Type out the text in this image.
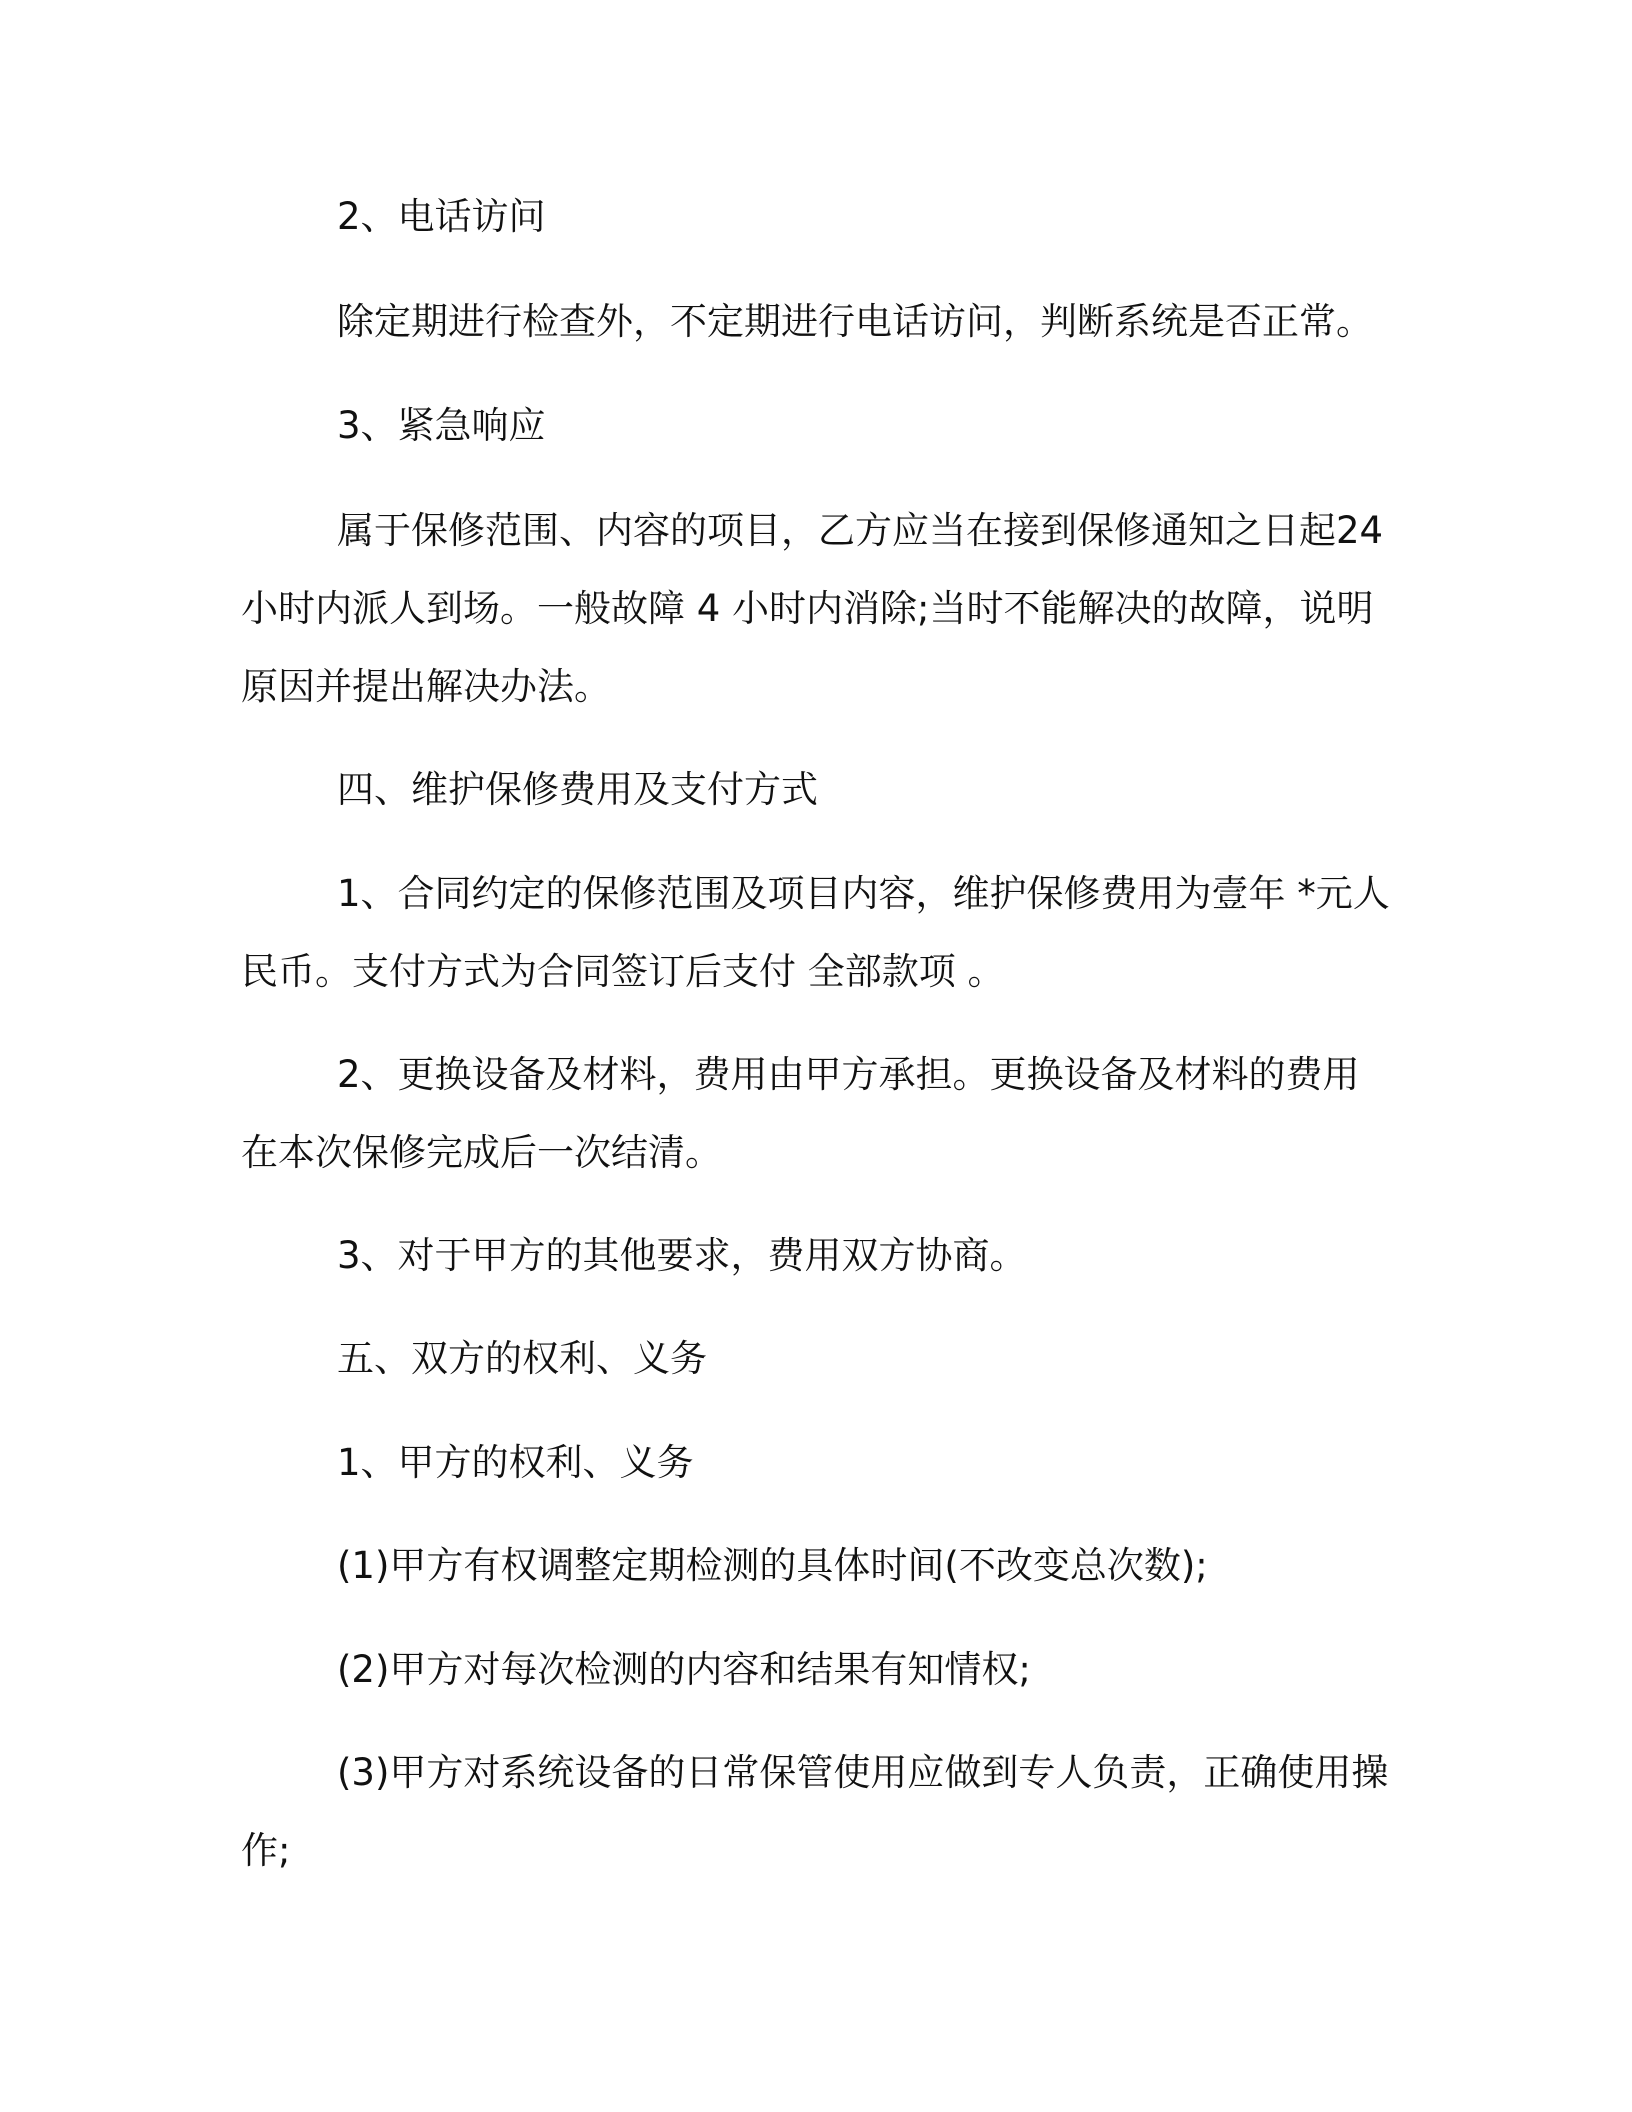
2、电话访问

除定期进行检查外，不定期进行电话访问，判断系统是否正常。

3、紧急响应

属于保修范围、内容的项目，乙方应当在接到保修通知之日起24 小时内派人到场。一般故障 4 小时内消除;当时不能解决的故障，说明原因并提出解决办法。

四、维护保修费用及支付方式

1、合同约定的保修范围及项目内容，维护保修费用为壹年 *元人民币。支付方式为合同签订后支付 全部款项 。

2、更换设备及材料，费用由甲方承担。更换设备及材料的费用在本次保修完成后一次结清。

3、对于甲方的其他要求，费用双方协商。

五、双方的权利、义务

1、甲方的权利、义务

(1)甲方有权调整定期检测的具体时间(不改变总次数);

(2)甲方对每次检测的内容和结果有知情权;

(3)甲方对系统设备的日常保管使用应做到专人负责，正确使用操作;
